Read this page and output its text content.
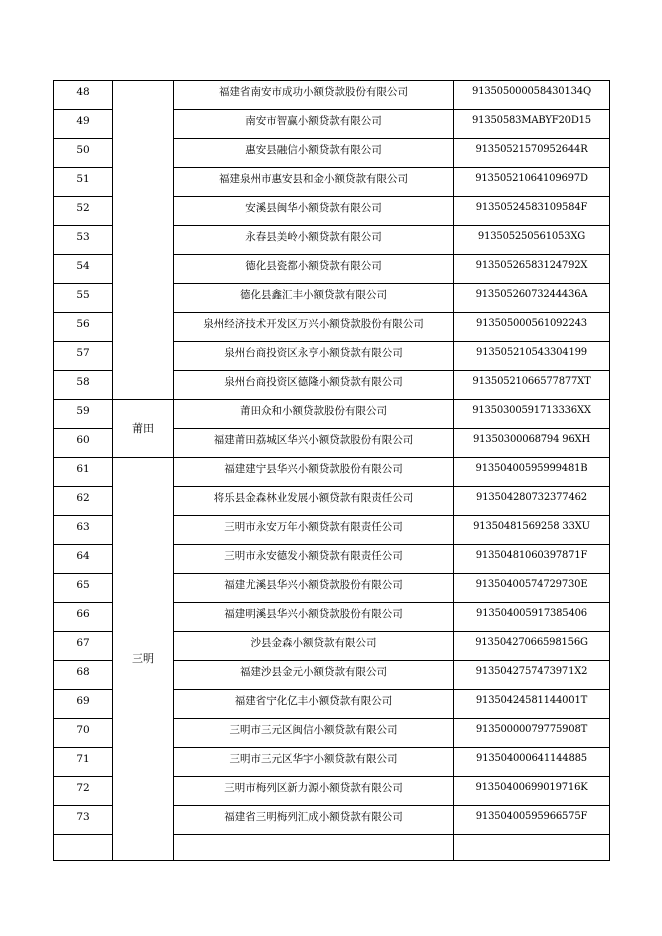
48		福建省南安市成功小额贷款股份有限公司	913505000058430134Q
49		南安市智赢小额贷款有限公司	91350583MABYF20D15
50		惠安县融信小额贷款有限公司	91350521570952644R
51		福建泉州市惠安县和金小额贷款有限公司	91350521064109697D
52		安溪县闽华小额贷款有限公司	91350524583109584F
53		永春县美岭小额贷款有限公司	913505250561053XG
54		德化县瓷都小额贷款有限公司	91350526583124792X
55		德化县鑫汇丰小额贷款有限公司	91350526073244436A
56		泉州经济技术开发区万兴小额贷款股份有限公司	913505000561092243
57		泉州台商投资区永亨小额贷款有限公司	913505210543304199
58		泉州台商投资区德隆小额贷款有限公司	91350521066577877XT
59	莆田	莆田众和小额贷款股份有限公司	91350300591713336XX
60		福建莆田荔城区华兴小额贷款股份有限公司	91350300068794 96XH
61	三明	福建建宁县华兴小额贷款股份有限公司	91350400595999481B
62		将乐县金森林业发展小额贷款有限责任公司	913504280732377462
63		三明市永安万年小额贷款有限责任公司	91350481569258 33XU
64		三明市永安德发小额贷款有限责任公司	91350481060397871F
65		福建尤溪县华兴小额贷款股份有限公司	91350400574729730E
66		福建明溪县华兴小额贷款股份有限公司	913504005917385406
67		沙县金森小额贷款有限公司	91350427066598156G
68		福建沙县金元小额贷款有限公司	9135042757473971X2
69		福建省宁化亿丰小额贷款有限公司	91350424581144001T
70		三明市三元区闽信小额贷款有限公司	91350000079775908T
71		三明市三元区华宇小额贷款有限公司	913504000641144885
72		三明市梅列区新力源小额贷款有限公司	91350400699019716K
73		福建省三明梅列汇成小额贷款有限公司	91350400595966575F
